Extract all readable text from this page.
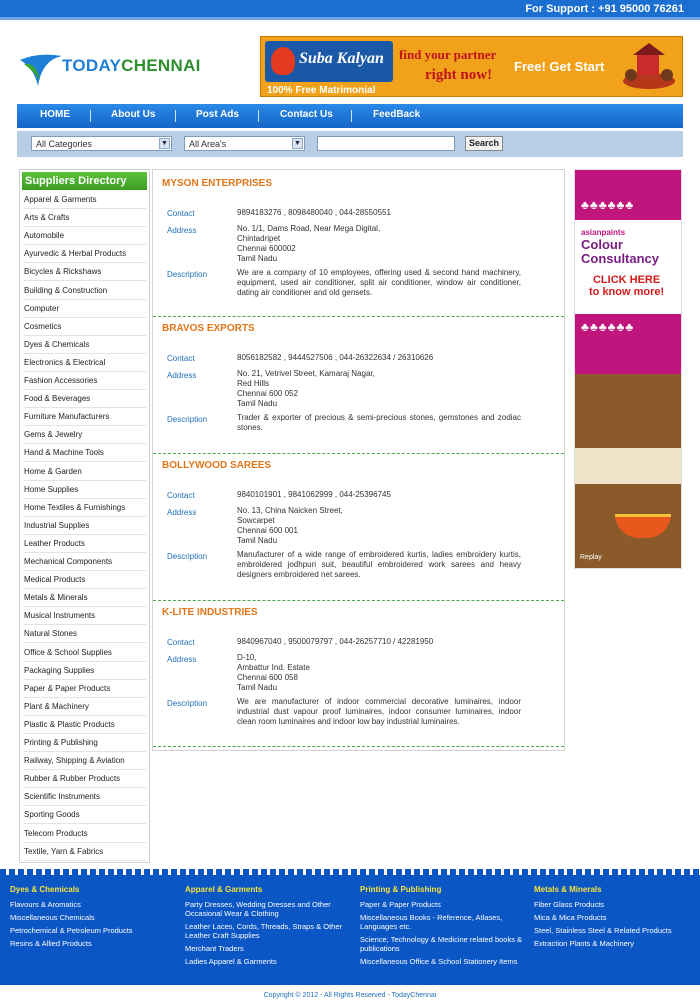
For Support : +91 95000 76261
TODAYCHENNAI	Suba Kalyan
100% Free Matrimonial
find your partner
right now!
Free! Get Start
HOME	About Us	Post Ads	Contact Us	FeedBack
All Categories	▼	All Area's	▼	Search
Suppliers Directory
Apparel & Garments
Arts & Crafts
Automobile
Ayurvedic & Herbal Products
Bicycles & Rickshaws
Building & Construction
Computer
Cosmetics
Dyes & Chemicals
Electronics & Electrical
Fashion Accessories
Food & Beverages
Furniture Manufacturers
Gems & Jewelry
Hand & Machine Tools
Home & Garden
Home Supplies
Home Textiles & Furnishings
Industrial Supplies
Leather Products
Mechanical Components
Medical Products
Metals & Minerals
Musical Instruments
Natural Stones
Office & School Supplies
Packaging Supplies
Paper & Paper Products
Plant & Machinery
Plastic & Plastic Products
Printing & Publishing
Railway, Shipping & Aviation
Rubber & Rubber Products
Scientific Instruments
Sporting Goods
Telecom Products
Textile, Yarn & Fabrics
MYSON ENTERPRISES
Contact	9894183276 , 8098480040 , 044-28550551
Address	No. 1/1, Dams Road, Near Mega Digital,
Chintadripet
Chennai 600002
Tamil Nadu
Description	We are a company of 10 employees, offering used & second hand machinery, equipment, used air conditioner, split air conditioner, window air conditioner, dating air conditioner and old gensets.
BRAVOS EXPORTS
Contact	8056182582 , 9444527506 , 044-26322634 / 26310626
Address	No. 21, Vetrivel Street, Kamaraj Nagar,
Red Hills
Chennai 600 052
Tamil Nadu
Description	Trader & exporter of precious & semi-precious stones, gemstones and zodiac stones.
BOLLYWOOD SAREES
Contact	9840101901 , 9841062999 , 044-25396745
Address	No. 13, China Naicken Street,
Sowcarpet
Chennai 600 001
Tamil Nadu
Description	Manufacturer of a wide range of embroidered kurtis, ladies embroidery kurtis, embroidered jodhpuri suit, beautiful embroidered work sarees and heavy designers embroidered net sarees.
K-LITE INDUSTRIES
Contact	9840967040 , 9500079797 , 044-26257710 / 42281950
Address	D-10,
Ambattur Ind. Estate
Chennai 600 058
Tamil Nadu
Description	We are manufacturer of indoor commercial decorative luminaires, indoor industrial dust vapour proof luminaires, indoor consumer luminaires, indoor clean room luminaires and indoor low bay industrial luminaires.
♣♣♣♣♣♣
asianpaints
Colour Consultancy
CLICK HERE
to know more!
♣♣♣♣♣♣
Replay
Dyes & Chemicals
Flavours & Aromatics
Miscellaneous Chemicals
Petrochemical & Petroleum Products
Resins & Allied Products
Apparel & Garments
Party Dresses, Wedding Dresses and Other Occasional Wear & Clothing
Leather Laces, Cords, Threads, Straps & Other Leather Craft Supplies
Merchant Traders
Ladies Apparel & Garments
Printing & Publishing
Paper & Paper Products
Miscellaneous Books - Reference, Atlases, Languages etc.
Science, Technology & Medicine related books & publications
Miscellaneous Office & School Stationery Items
Metals & Minerals
Fiber Glass Products
Mica & Mica Products
Steel, Stainless Steel & Related Products
Extraction Plants & Machinery
Copyright © 2012 - All Rights Reserved - TodayChennai
